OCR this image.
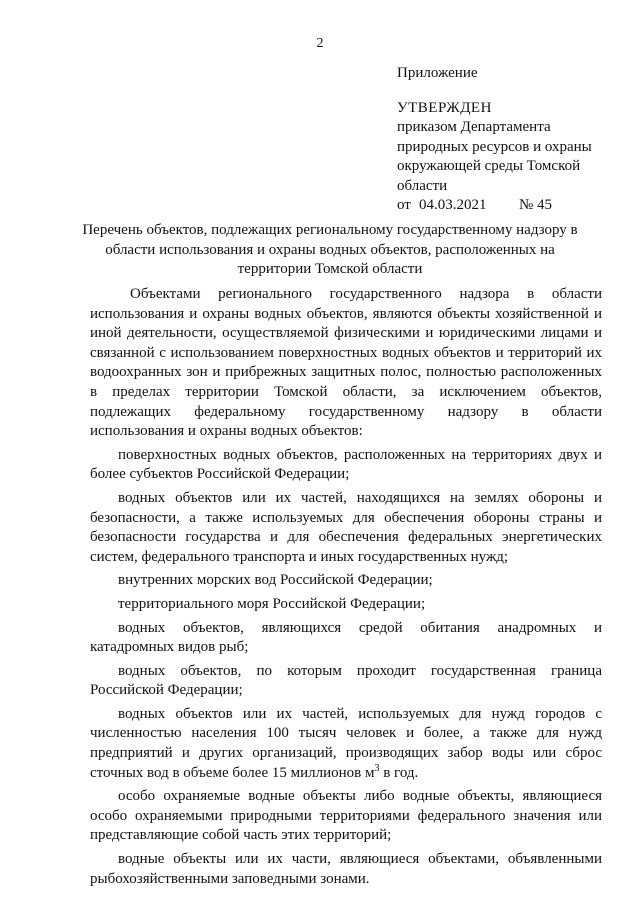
2

Приложение

УТВЕРЖДЕН

приказом Департамента природных ресурсов и охраны окружающей среды Томской области

от 04.03.2021 № 45

Перечень объектов, подлежащих региональному государственному надзору в области использования и охраны водных объектов, расположенных на территории Томской области

Объектами регионального государственного надзора в области использования и охраны водных объектов, являются объекты хозяйственной и иной деятельности, осуществляемой физическими и юридическими лицами и связанной с использованием поверхностных водных объектов и территорий их водоохранных зон и прибрежных защитных полос, полностью расположенных в пределах территории Томской области, за исключением объектов, подлежащих федеральному государственному надзору в области использования и охраны водных объектов:

поверхностных водных объектов, расположенных на территориях двух и более субъектов Российской Федерации;

водных объектов или их частей, находящихся на землях обороны и безопасности, а также используемых для обеспечения обороны страны и безопасности государства и для обеспечения федеральных энергетических систем, федерального транспорта и иных государственных нужд;

внутренних морских вод Российской Федерации;

территориального моря Российской Федерации;

водных объектов, являющихся средой обитания анадромных и катадромных видов рыб;

водных объектов, по которым проходит государственная граница Российской Федерации;

водных объектов или их частей, используемых для нужд городов с численностью населения 100 тысяч человек и более, а также для нужд предприятий и других организаций, производящих забор воды или сброс сточных вод в объеме более 15 миллионов $м^3$ в год.

особо охраняемые водные объекты либо водные объекты, являющиеся особо охраняемыми природными территориями федерального значения или представляющие собой часть этих территорий;

водные объекты или их части, являющиеся объектами, объявленными рыбохозяйственными заповедными зонами.
